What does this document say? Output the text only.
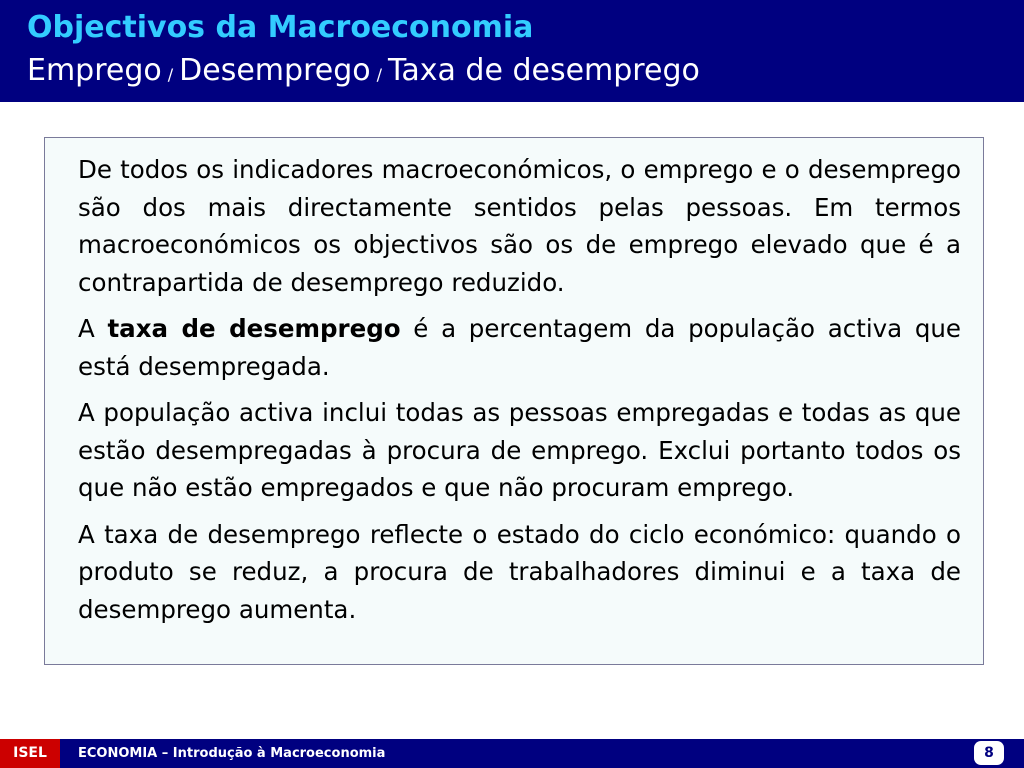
Objectivos da Macroeconomia
Emprego / Desemprego / Taxa de desemprego

De todos os indicadores macroeconómicos, o emprego e o desemprego são dos mais directamente sentidos pelas pessoas. Em termos macroeconómicos os objectivos são os de emprego elevado que é a contrapartida de desemprego reduzido.

A taxa de desemprego é a percentagem da população activa que está desempregada.

A população activa inclui todas as pessoas empregadas e todas as que estão desempregadas à procura de emprego. Exclui portanto todos os que não estão empregados e que não procuram emprego.

A taxa de desemprego reflecte o estado do ciclo económico: quando o produto se reduz, a procura de trabalhadores diminui e a taxa de desemprego aumenta.

ISEL	ECONOMIA – Introdução à Macroeconomia	8
